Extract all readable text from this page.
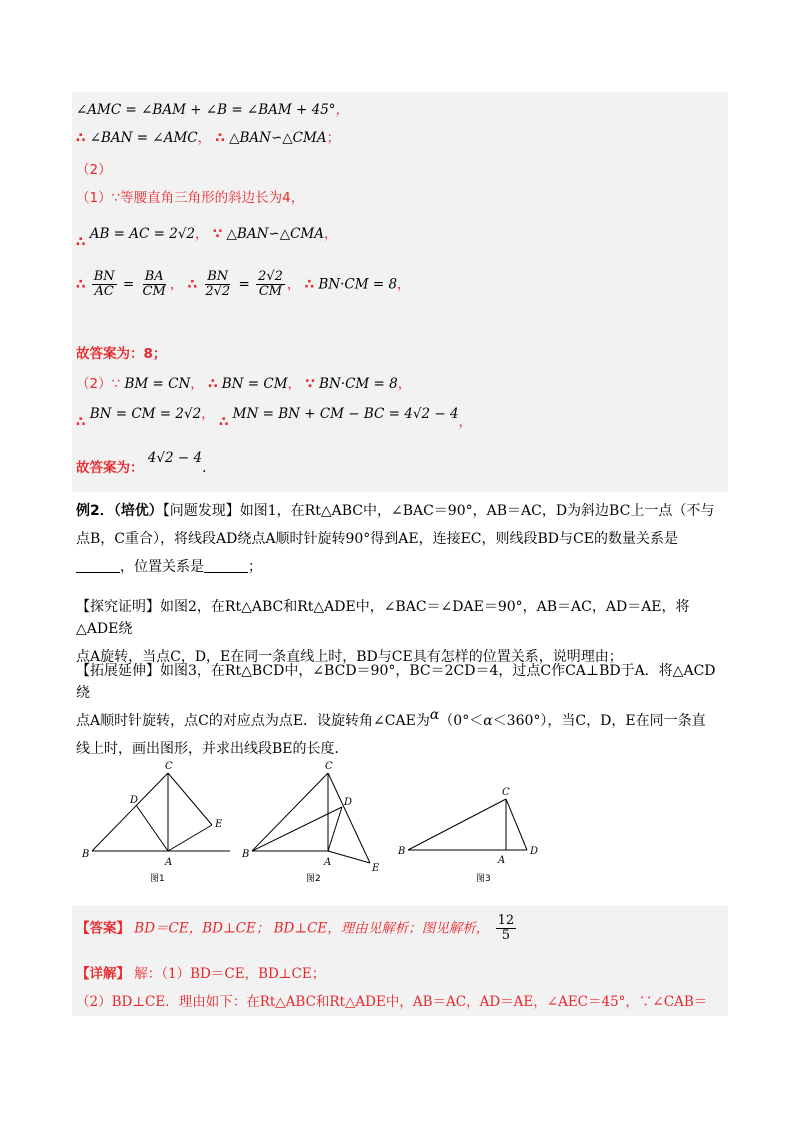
∠AMC = ∠BAM + ∠B = ∠BAM + 45°，
∴ ∠BAN = ∠AMC， ∴ △BAN∽△CMA；
（2）
（1）∵等腰直角三角形的斜边长为4，
∴ AB = AC = 2√2， ∵ △BAN∽△CMA，
∴ $\frac{BN}{AC} = \frac{BA}{CM}$ ， ∴ $\frac{BN}{2√2} = \frac{2√2}{CM}$ ， ∴ BN·CM = 8，
故答案为：8；
（2）∵ BM = CN， ∴ BN = CM， ∵ BN·CM = 8，
∴ BN = CM = 2√2， ∴ MN = BN + CM − BC = 4√2 − 4，
故答案为： 4√2 − 4.
例2．（培优）【问题发现】如图1，在Rt△ABC中，∠BAC＝90°，AB＝AC，D为斜边BC上一点（不与
点B，C重合），将线段AD绕点A顺时针旋转90°得到AE，连接EC，则线段BD与CE的数量关系是
，位置关系是	；
【探究证明】如图2，在Rt△ABC和Rt△ADE中，∠BAC＝∠DAE＝90°，AB＝AC，AD＝AE，将△ADE绕
点A旋转，当点C，D，E在同一条直线上时，BD与CE具有怎样的位置关系，说明理由；
【拓展延伸】如图3，在Rt△BCD中，∠BCD＝90°，BC＝2CD＝4，过点C作CA⊥BD于A．将△ACD绕
点A顺时针旋转，点C的对应点为点E．设旋转角∠CAE为α（0°＜α＜360°），当C，D，E在同一条直
线上时，画出图形，并求出线段BE的长度．
C
D
E
B
A
图1
C
D
E
B
A
图2
C
B
A
D
图3
【答案】 BD＝CE，BD⊥CE； BD⊥CE，理由见解析；图见解析， $\frac{12}{5}$
【详解】 解：（1）BD＝CE，BD⊥CE；
（2）BD⊥CE．理由如下：在Rt△ABC和Rt△ADE中，AB＝AC，AD＝AE，∠AEC＝45°，∵∠CAB＝
